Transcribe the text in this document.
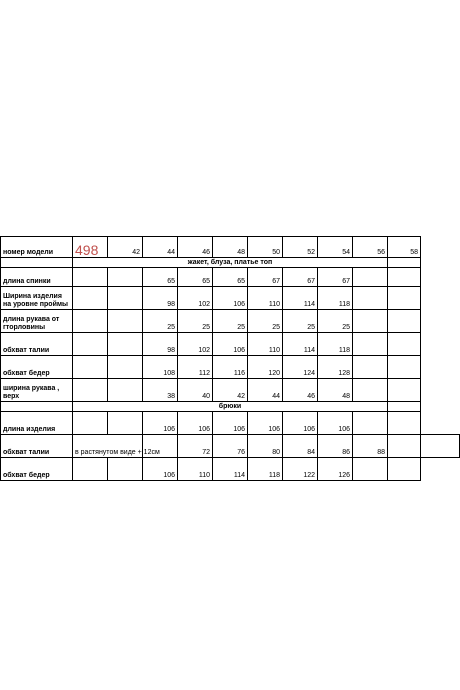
номер модели	498	42	44	46	48	50	52	54	56	58	
	жакет, блуза, платье топ										
длина спинки			65	65	65	67	67	67			
Ширина изделия на уровне проймы			98	102	106	110	114	118			
длина рукава от гторловины			25	25	25	25	25	25			
обхват талии			98	102	106	110	114	118			
обхват бедер			108	112	116	120	124	128			
ширина рукава , верх			38	40	42	44	46	48			
	брюки										
длина изделия			106	106	106	106	106	106			
обхват талии	в растянутом виде + 12см			72	76	80	84	86	88		
обхват бедер			106	110	114	118	122	126			
